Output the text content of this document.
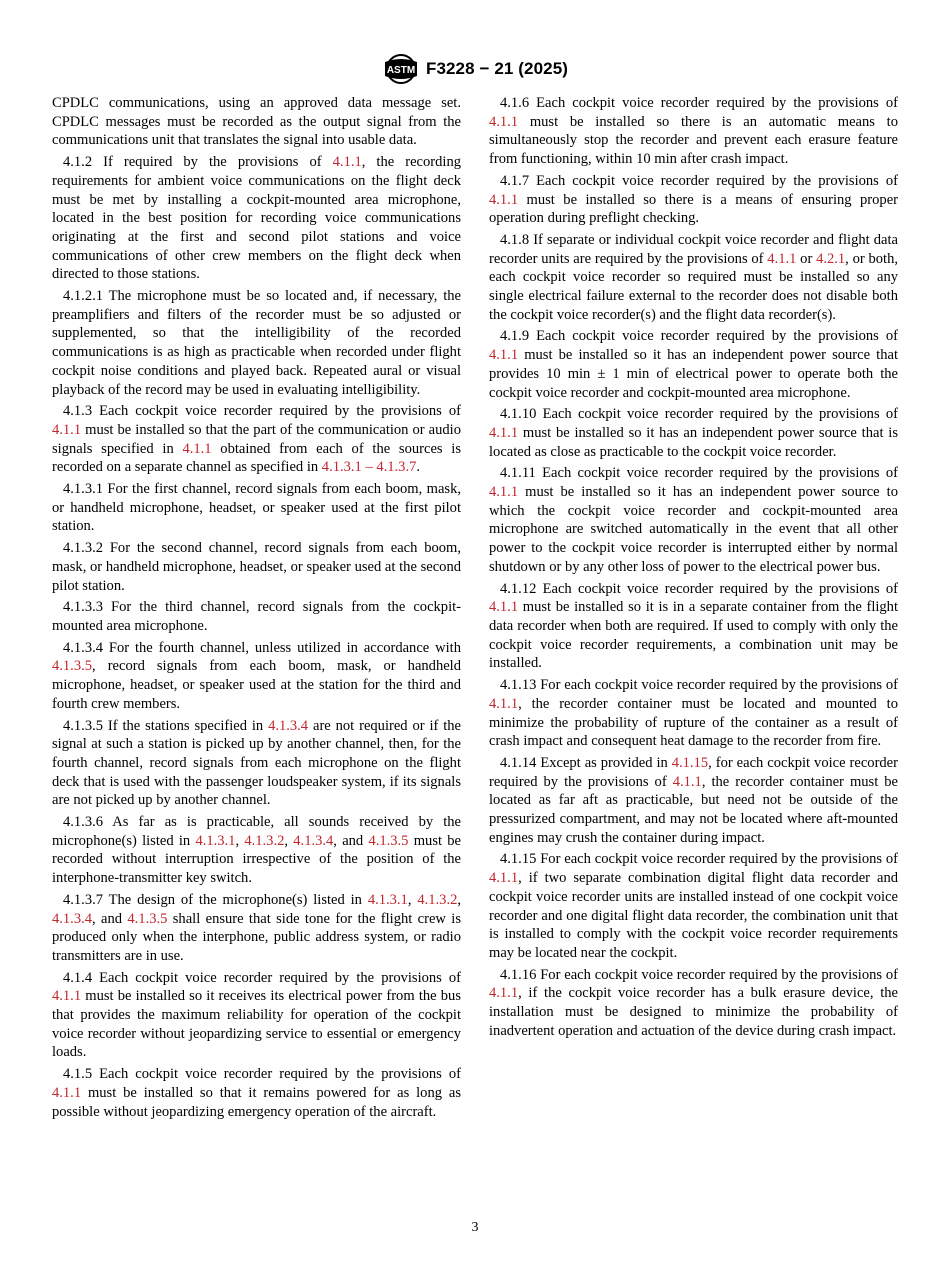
ASTM F3228 − 21 (2025)

CPDLC communications, using an approved data message set. CPDLC messages must be recorded as the output signal from the communications unit that translates the signal into usable data.

4.1.2 If required by the provisions of 4.1.1, the recording requirements for ambient voice communications on the flight deck must be met by installing a cockpit-mounted area microphone, located in the best position for recording voice communications originating at the first and second pilot stations and voice communications of other crew members on the flight deck when directed to those stations.

4.1.2.1 The microphone must be so located and, if necessary, the preamplifiers and filters of the recorder must be so adjusted or supplemented, so that the intelligibility of the recorded communications is as high as practicable when recorded under flight cockpit noise conditions and played back. Repeated aural or visual playback of the record may be used in evaluating intelligibility.

4.1.3 Each cockpit voice recorder required by the provisions of 4.1.1 must be installed so that the part of the communication or audio signals specified in 4.1.1 obtained from each of the sources is recorded on a separate channel as specified in 4.1.3.1 – 4.1.3.7.

4.1.3.1 For the first channel, record signals from each boom, mask, or handheld microphone, headset, or speaker used at the first pilot station.

4.1.3.2 For the second channel, record signals from each boom, mask, or handheld microphone, headset, or speaker used at the second pilot station.

4.1.3.3 For the third channel, record signals from the cockpit-mounted area microphone.

4.1.3.4 For the fourth channel, unless utilized in accordance with 4.1.3.5, record signals from each boom, mask, or handheld microphone, headset, or speaker used at the station for the third and fourth crew members.

4.1.3.5 If the stations specified in 4.1.3.4 are not required or if the signal at such a station is picked up by another channel, then, for the fourth channel, record signals from each microphone on the flight deck that is used with the passenger loudspeaker system, if its signals are not picked up by another channel.

4.1.3.6 As far as is practicable, all sounds received by the microphone(s) listed in 4.1.3.1, 4.1.3.2, 4.1.3.4, and 4.1.3.5 must be recorded without interruption irrespective of the position of the interphone-transmitter key switch.

4.1.3.7 The design of the microphone(s) listed in 4.1.3.1, 4.1.3.2, 4.1.3.4, and 4.1.3.5 shall ensure that side tone for the flight crew is produced only when the interphone, public address system, or radio transmitters are in use.

4.1.4 Each cockpit voice recorder required by the provisions of 4.1.1 must be installed so it receives its electrical power from the bus that provides the maximum reliability for operation of the cockpit voice recorder without jeopardizing service to essential or emergency loads.

4.1.5 Each cockpit voice recorder required by the provisions of 4.1.1 must be installed so that it remains powered for as long as possible without jeopardizing emergency operation of the aircraft.

4.1.6 Each cockpit voice recorder required by the provisions of 4.1.1 must be installed so there is an automatic means to simultaneously stop the recorder and prevent each erasure feature from functioning, within 10 min after crash impact.

4.1.7 Each cockpit voice recorder required by the provisions of 4.1.1 must be installed so there is a means of ensuring proper operation during preflight checking.

4.1.8 If separate or individual cockpit voice recorder and flight data recorder units are required by the provisions of 4.1.1 or 4.2.1, or both, each cockpit voice recorder so required must be installed so any single electrical failure external to the recorder does not disable both the cockpit voice recorder(s) and the flight data recorder(s).

4.1.9 Each cockpit voice recorder required by the provisions of 4.1.1 must be installed so it has an independent power source that provides 10 min ± 1 min of electrical power to operate both the cockpit voice recorder and cockpit-mounted area microphone.

4.1.10 Each cockpit voice recorder required by the provisions of 4.1.1 must be installed so it has an independent power source that is located as close as practicable to the cockpit voice recorder.

4.1.11 Each cockpit voice recorder required by the provisions of 4.1.1 must be installed so it has an independent power source to which the cockpit voice recorder and cockpit-mounted area microphone are switched automatically in the event that all other power to the cockpit voice recorder is interrupted either by normal shutdown or by any other loss of power to the electrical power bus.

4.1.12 Each cockpit voice recorder required by the provisions of 4.1.1 must be installed so it is in a separate container from the flight data recorder when both are required. If used to comply with only the cockpit voice recorder requirements, a combination unit may be installed.

4.1.13 For each cockpit voice recorder required by the provisions of 4.1.1, the recorder container must be located and mounted to minimize the probability of rupture of the container as a result of crash impact and consequent heat damage to the recorder from fire.

4.1.14 Except as provided in 4.1.15, for each cockpit voice recorder required by the provisions of 4.1.1, the recorder container must be located as far aft as practicable, but need not be outside of the pressurized compartment, and may not be located where aft-mounted engines may crush the container during impact.

4.1.15 For each cockpit voice recorder required by the provisions of 4.1.1, if two separate combination digital flight data recorder and cockpit voice recorder units are installed instead of one cockpit voice recorder and one digital flight data recorder, the combination unit that is installed to comply with the cockpit voice recorder requirements may be located near the cockpit.

4.1.16 For each cockpit voice recorder required by the provisions of 4.1.1, if the cockpit voice recorder has a bulk erasure device, the installation must be designed to minimize the probability of inadvertent operation and actuation of the device during crash impact.

3
